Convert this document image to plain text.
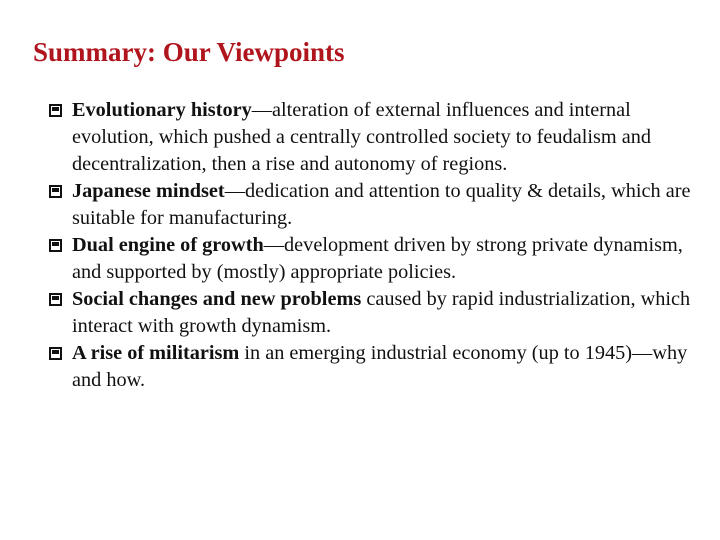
Summary: Our Viewpoints
Evolutionary history—alteration of external influences and internal evolution, which pushed a centrally controlled society to feudalism and decentralization, then a rise and autonomy of regions.
Japanese mindset—dedication and attention to quality & details, which are suitable for manufacturing.
Dual engine of growth—development driven by strong private dynamism, and supported by (mostly) appropriate policies.
Social changes and new problems caused by rapid industrialization, which interact with growth dynamism.
A rise of militarism in an emerging industrial economy (up to 1945)—why and how.
